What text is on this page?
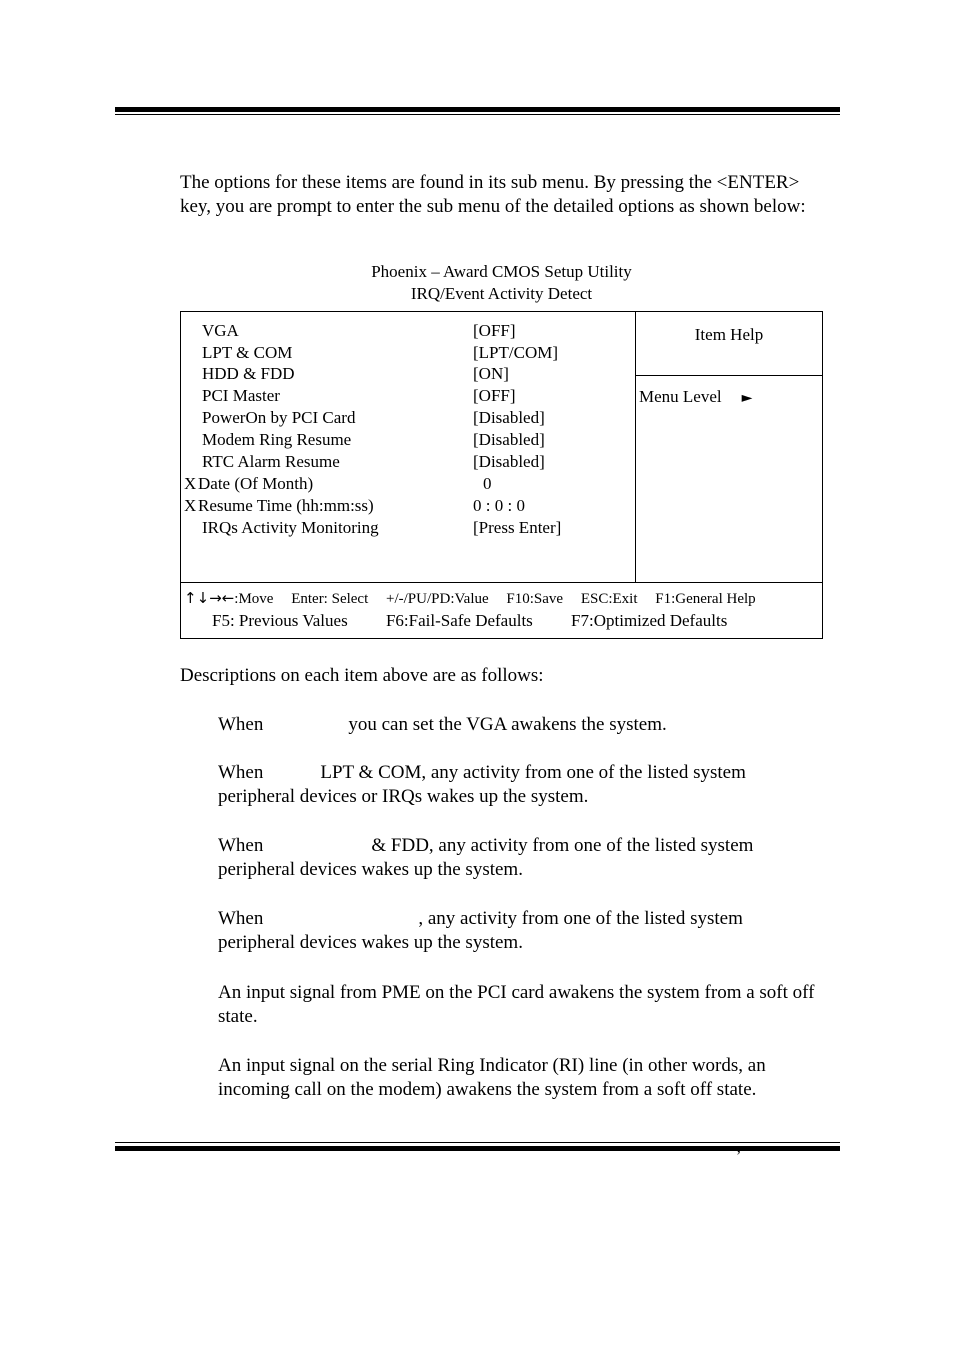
The options for these items are found in its sub menu. By pressing the <ENTER> key, you are prompt to enter the sub menu of the detailed options as shown below:

Phoenix – Award CMOS Setup Utility
IRQ/Event Activity Detect
VGA	[OFF]
LPT & COM	[LPT/COM]
HDD & FDD	[ON]
PCI Master	[OFF]
PowerOn by PCI Card	[Disabled]
Modem Ring Resume	[Disabled]
RTC Alarm Resume	[Disabled]
X Date (Of Month)	0
X Resume Time (hh:mm:ss)	0 : 0 : 0
IRQs Activity Monitoring	[Press Enter]
Item Help
Menu Level ►
↑↓→←:Move Enter: Select +/-/PU/PD:Value F10:Save ESC:Exit F1:General Help
F5: Previous Values F6:Fail-Safe Defaults F7:Optimized Defaults

Descriptions on each item above are as follows:

When	you can set the VGA awakens the system.

When	LPT & COM, any activity from one of the listed system
peripheral devices or IRQs wakes up the system.

When	& FDD, any activity from one of the listed system
peripheral devices wakes up the system.

When	, any activity from one of the listed system
peripheral devices wakes up the system.

An input signal from PME on the PCI card awakens the system from a soft off state.

An input signal on the serial Ring Indicator (RI) line (in other words, an incoming call on the modem) awakens the system from a soft off state.

’
